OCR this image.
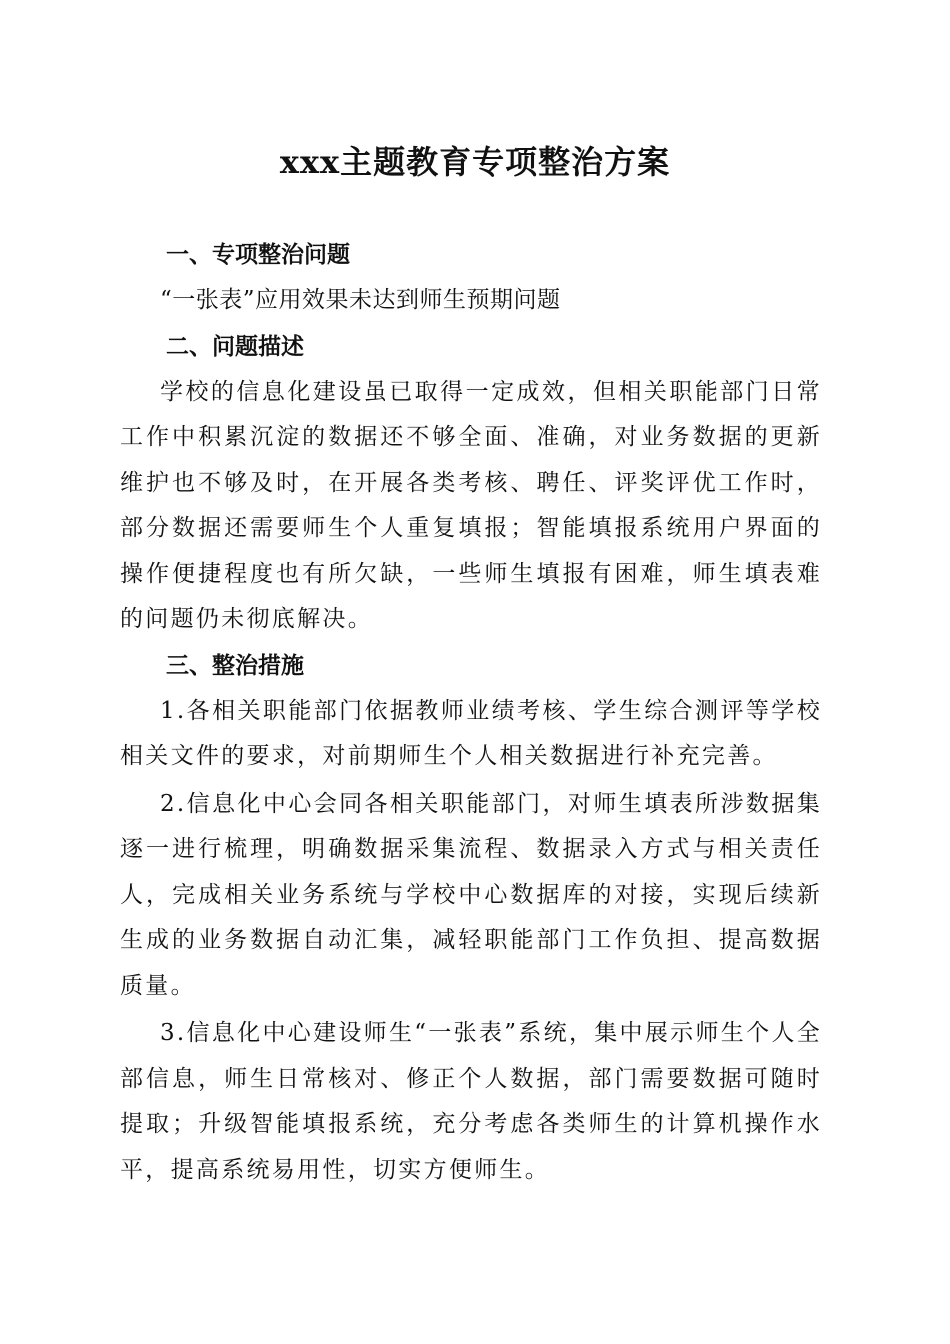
xxx主题教育专项整治方案
一、专项整治问题

“一张表”应用效果未达到师生预期问题

二、问题描述

学校的信息化建设虽已取得一定成效，但相关职能部门日常工作中积累沉淀的数据还不够全面、准确，对业务数据的更新维护也不够及时，在开展各类考核、聘任、评奖评优工作时，部分数据还需要师生个人重复填报；智能填报系统用户界面的操作便捷程度也有所欠缺，一些师生填报有困难，师生填表难的问题仍未彻底解决。

三、整治措施

1.各相关职能部门依据教师业绩考核、学生综合测评等学校相关文件的要求，对前期师生个人相关数据进行补充完善。

2.信息化中心会同各相关职能部门，对师生填表所涉数据集逐一进行梳理，明确数据采集流程、数据录入方式与相关责任人，完成相关业务系统与学校中心数据库的对接，实现后续新生成的业务数据自动汇集，减轻职能部门工作负担、提高数据质量。

3.信息化中心建设师生“一张表”系统，集中展示师生个人全部信息，师生日常核对、修正个人数据，部门需要数据可随时提取；升级智能填报系统，充分考虑各类师生的计算机操作水平，提高系统易用性，切实方便师生。
